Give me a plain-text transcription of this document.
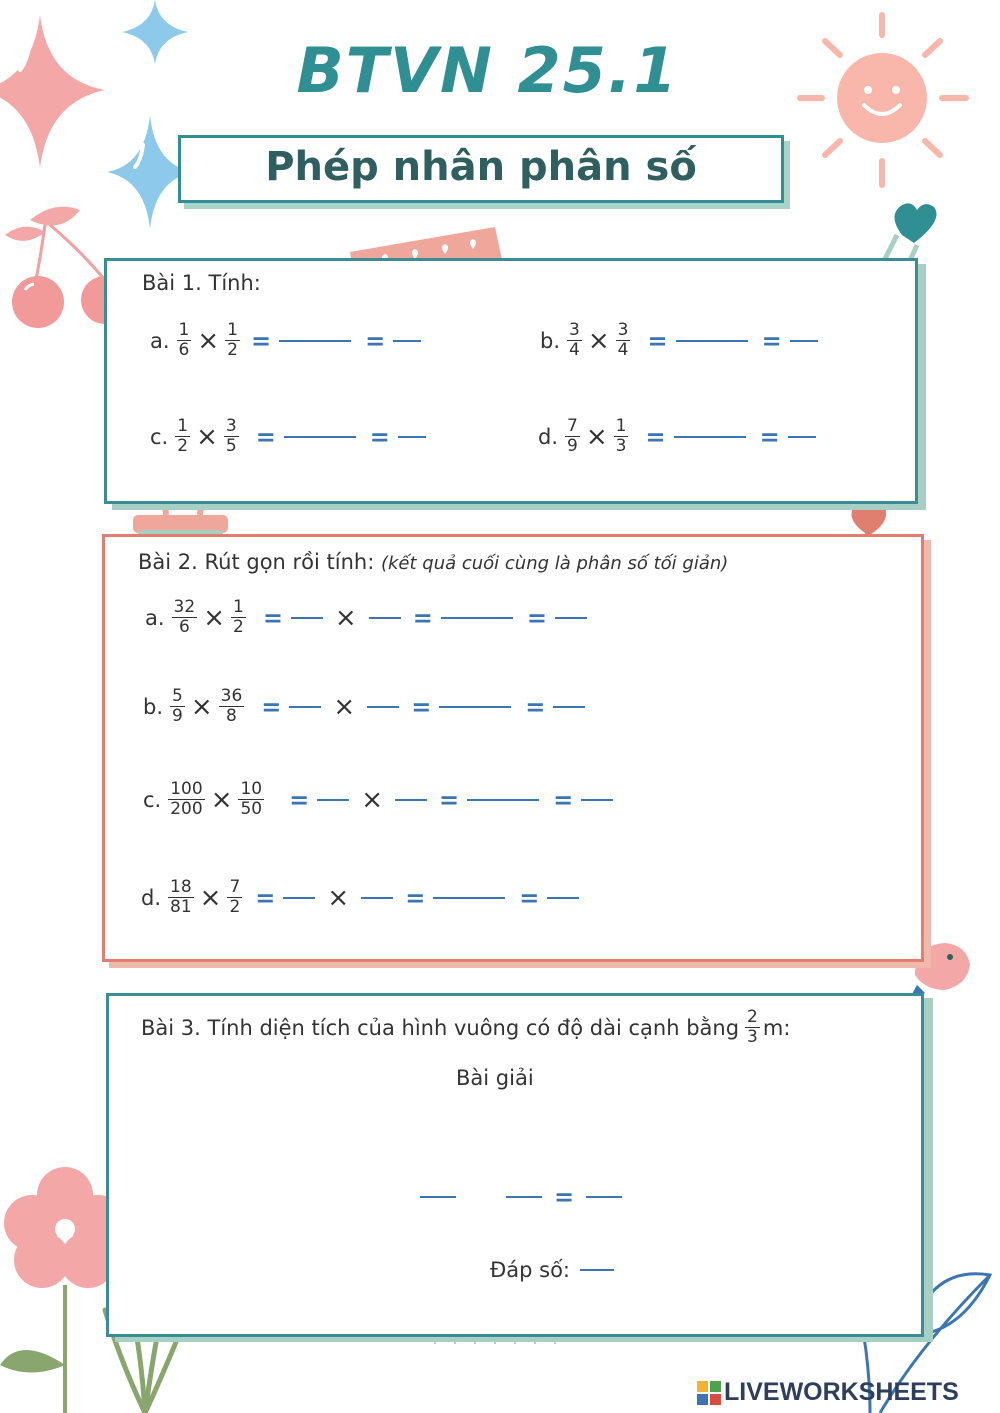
BTVN 25.1
Phép nhân phân số
Bài 1. Tính:
a. $\frac{1}{6} \times \frac{1}{2}$ =	=	b. $\frac{3}{4} \times \frac{3}{4}$ =	=
c. $\frac{1}{2} \times \frac{3}{5}$ =	=	d. $\frac{7}{9} \times \frac{1}{3}$ =	=
Bài 2. Rút gọn rồi tính: (kết quả cuối cùng là phân số tối giản)
a. $\frac{32}{6} \times \frac{1}{2}$ = × =	=
b. $\frac{5}{9} \times \frac{36}{8}$ = × =	=
c. $\frac{100}{200} \times \frac{10}{50}$ = × =	=
d. $\frac{18}{81} \times \frac{7}{2}$ = × =	=
Bài 3. Tính diện tích của hình vuông có độ dài cạnh bằng $\frac{2}{3} m$:
Bài giải
=
Đáp số:
LIVEWORKSHEETS
